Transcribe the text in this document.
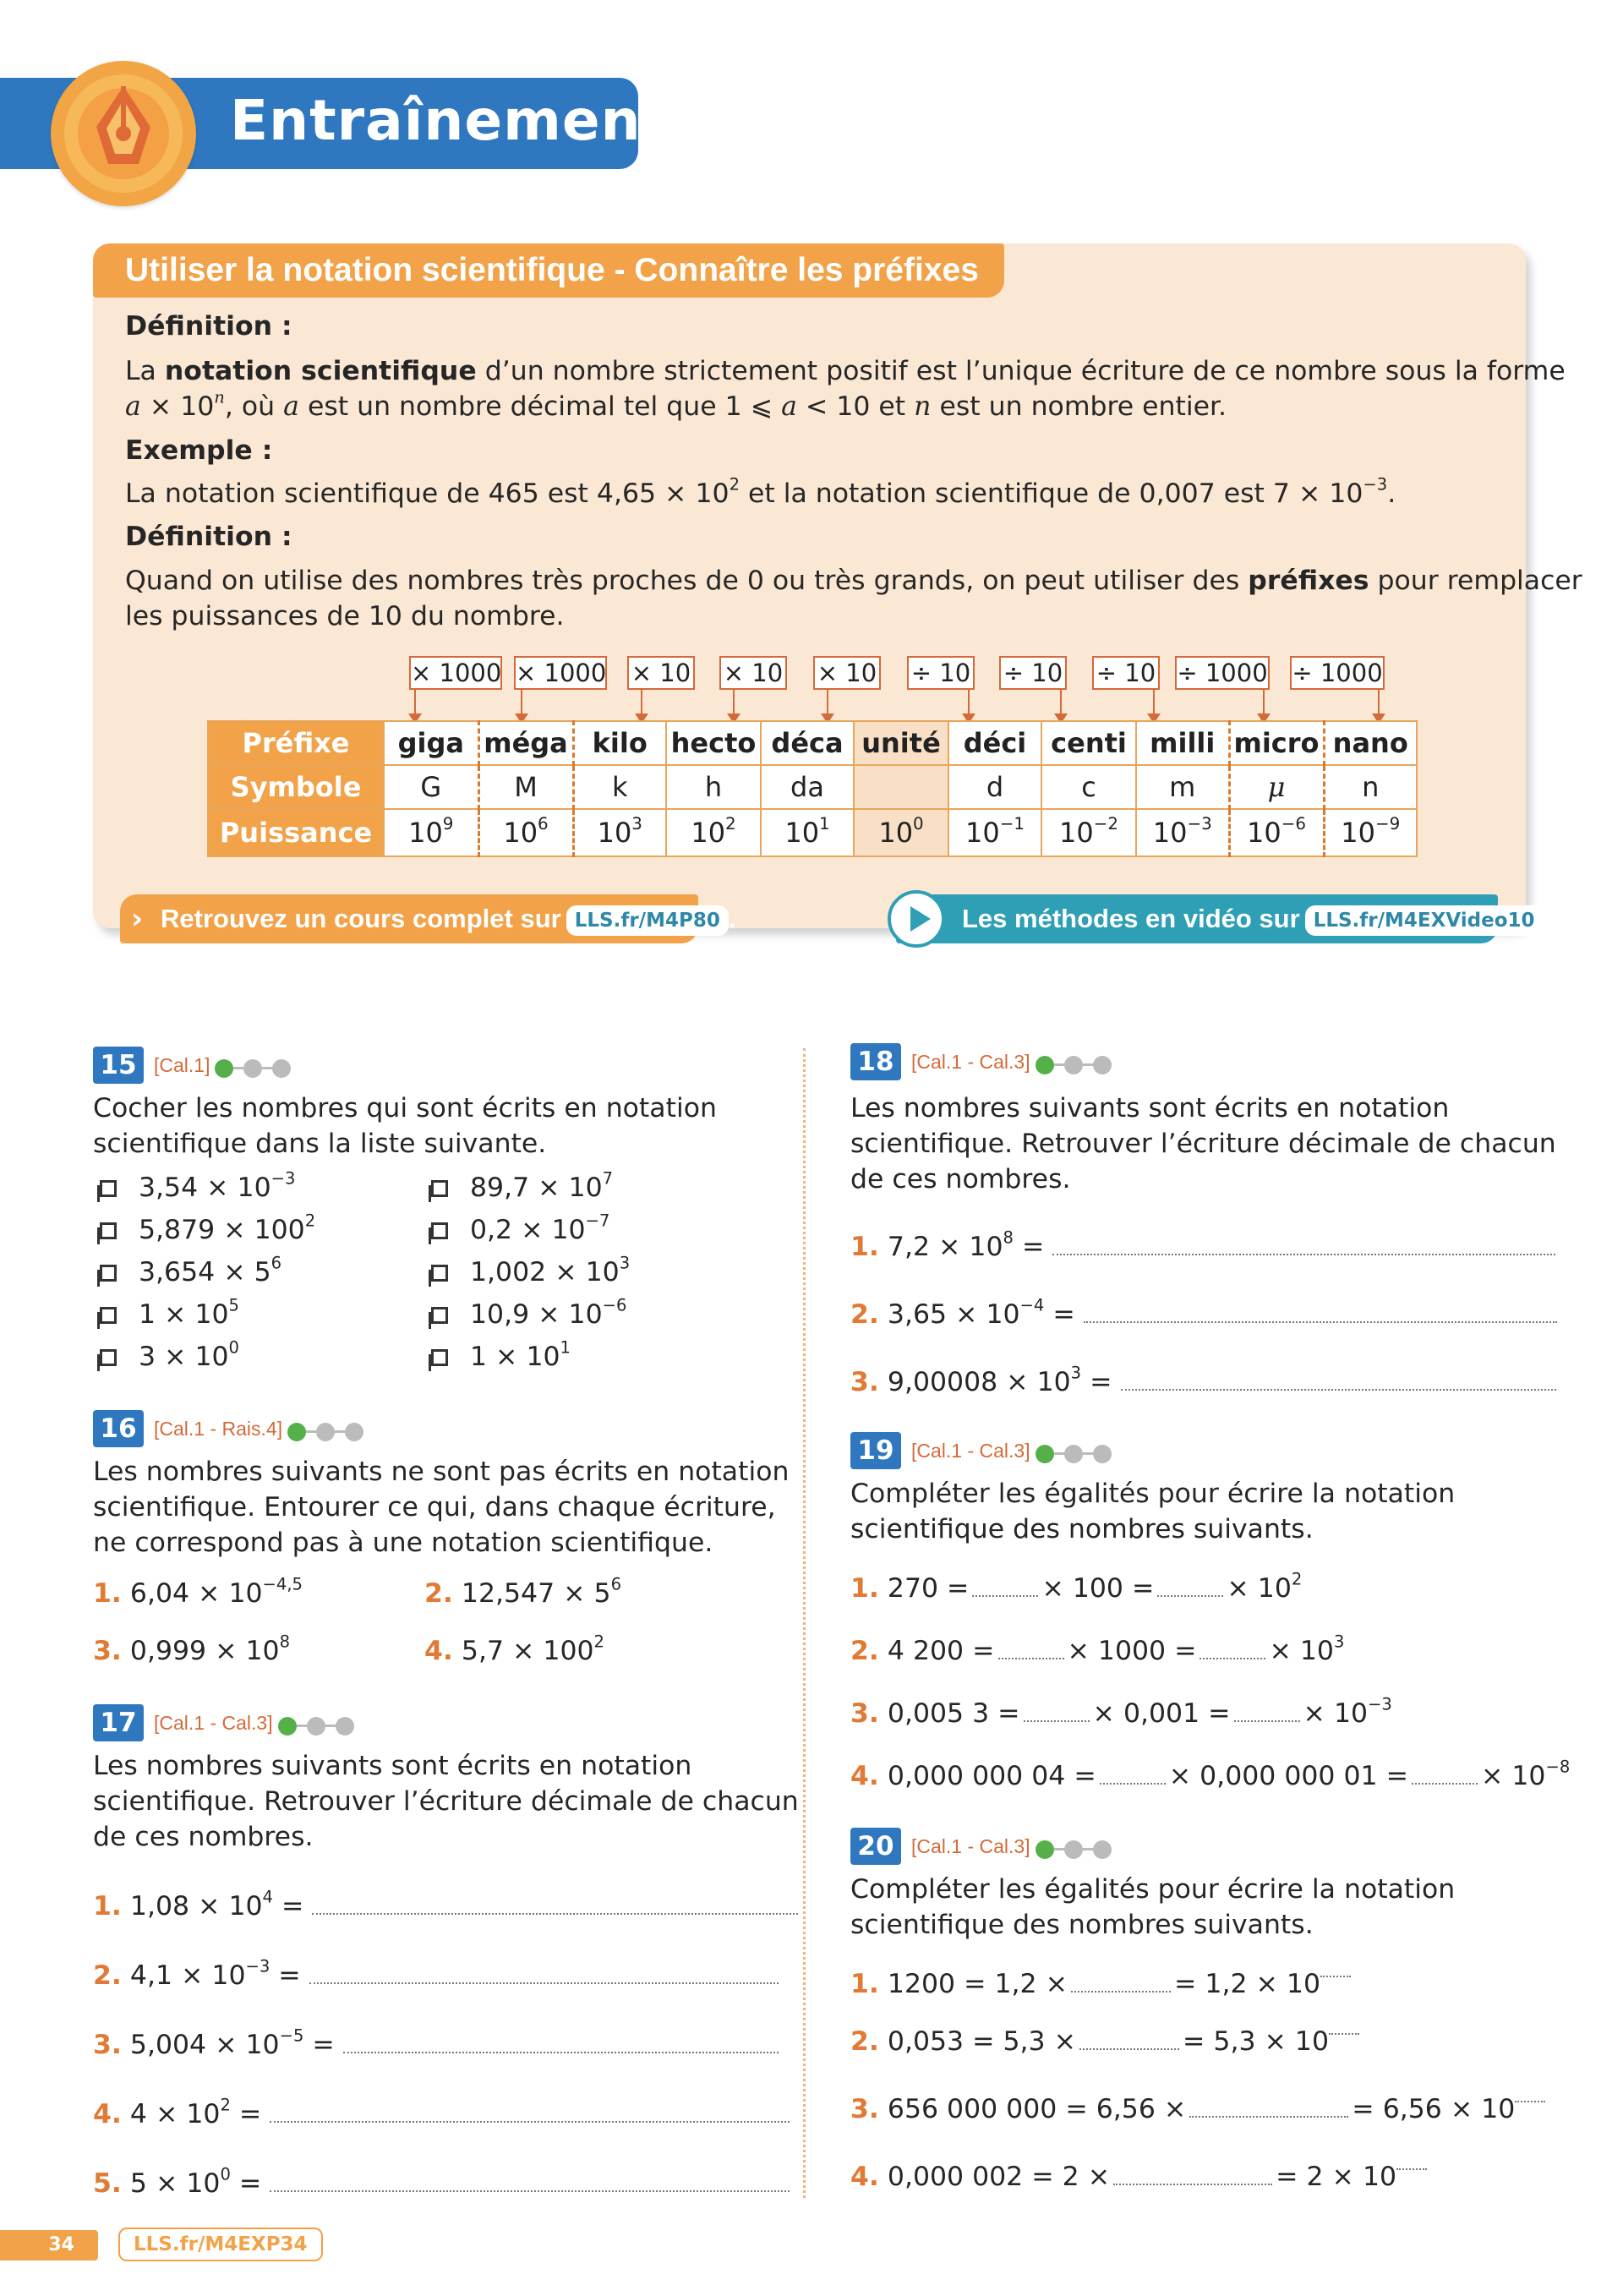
Entraînement
Utiliser la notation scientifique - Connaître les préfixes
Définition :
La notation scientifique d’un nombre strictement positif est l’unique écriture de ce nombre sous la forme
$a \times 10^n$, où a est un nombre décimal tel que 1 ⩽ a < 10 et n est un nombre entier.
Exemple :
La notation scientifique de 465 est $4,65 \times 10^2$ et la notation scientifique de 0,007 est $7 \times 10^{-3}$.
Définition :
Quand on utilise des nombres très proches de 0 ou très grands, on peut utiliser des préfixes pour remplacer
les puissances de 10 du nombre.
× 1000 × 1000 × 10 × 10 × 10 ÷ 10 ÷ 10 ÷ 10 ÷ 1000 ÷ 1000
Préfixe	giga	méga	kilo	hecto	déca	unité	déci	centi	milli	micro	nano
Symbole	G	M	k	h	da		d	c	m	μ	n
Puissance	$10^9$	$10^6$	$10^3$	$10^2$	$10^1$	$10^0$	$10^{-1}$	$10^{-2}$	$10^{-3}$	$10^{-6}$	$10^{-9}$
Retrouvez un cours complet sur LLS.fr/M4P80 .
›	Les méthodes en vidéo sur LLS.fr/M4EXVideo10 .
15 [Cal.1]
Cocher les nombres qui sont écrits en notation
scientifique dans la liste suivante.
$3,54 \times 10^{-3}$	$89,7 \times 10^7$
$5,879 \times 100^2$	$0,2 \times 10^{-7}$
$3,654 \times 5^6$	$1,002 \times 10^3$
$1 \times 10^5$	$10,9 \times 10^{-6}$
$3 \times 10^0$	$1 \times 10^1$
16 [Cal.1 - Rais.4]
Les nombres suivants ne sont pas écrits en notation
scientifique. Entourer ce qui, dans chaque écriture,
ne correspond pas à une notation scientifique.
1. $6,04 \times 10^{-4,5}$	2. $12,547 \times 5^6$
3. $0,999 \times 10^8$	4. $5,7 \times 100^2$
17 [Cal.1 - Cal.3]
Les nombres suivants sont écrits en notation
scientifique. Retrouver l’écriture décimale de chacun
de ces nombres.
1. $1,08 \times 10^4$ =
2. $4,1 \times 10^{-3}$ =
3. $5,004 \times 10^{-5}$ =
4. $4 \times 10^2$ =
5. $5 \times 10^0$ =
18 [Cal.1 - Cal.3]
Les nombres suivants sont écrits en notation
scientifique. Retrouver l’écriture décimale de chacun
de ces nombres.
1. $7,2 \times 10^8$ =
2. $3,65 \times 10^{-4}$ =
3. $9,00008 \times 10^3$ =
19 [Cal.1 - Cal.3]
Compléter les égalités pour écrire la notation
scientifique des nombres suivants.
1. 270 =	× 100 =	× $10^2$
2. 4 200 =	× 1000 =	× $10^3$
3. 0,005 3 =	× 0,001 =	× $10^{-3}$
4. 0,000 000 04 =	× 0,000 000 01 =	× $10^{-8}$
20 [Cal.1 - Cal.3]
Compléter les égalités pour écrire la notation
scientifique des nombres suivants.
1. 1200 = 1,2 ×	= 1,2 × 10
2. 0,053 = 5,3 ×	= 5,3 × 10
3. 656 000 000 = 6,56 ×	= 6,56 × 10
4. 0,000 002 = 2 ×	= 2 × 10
34	LLS.fr/M4EXP34
